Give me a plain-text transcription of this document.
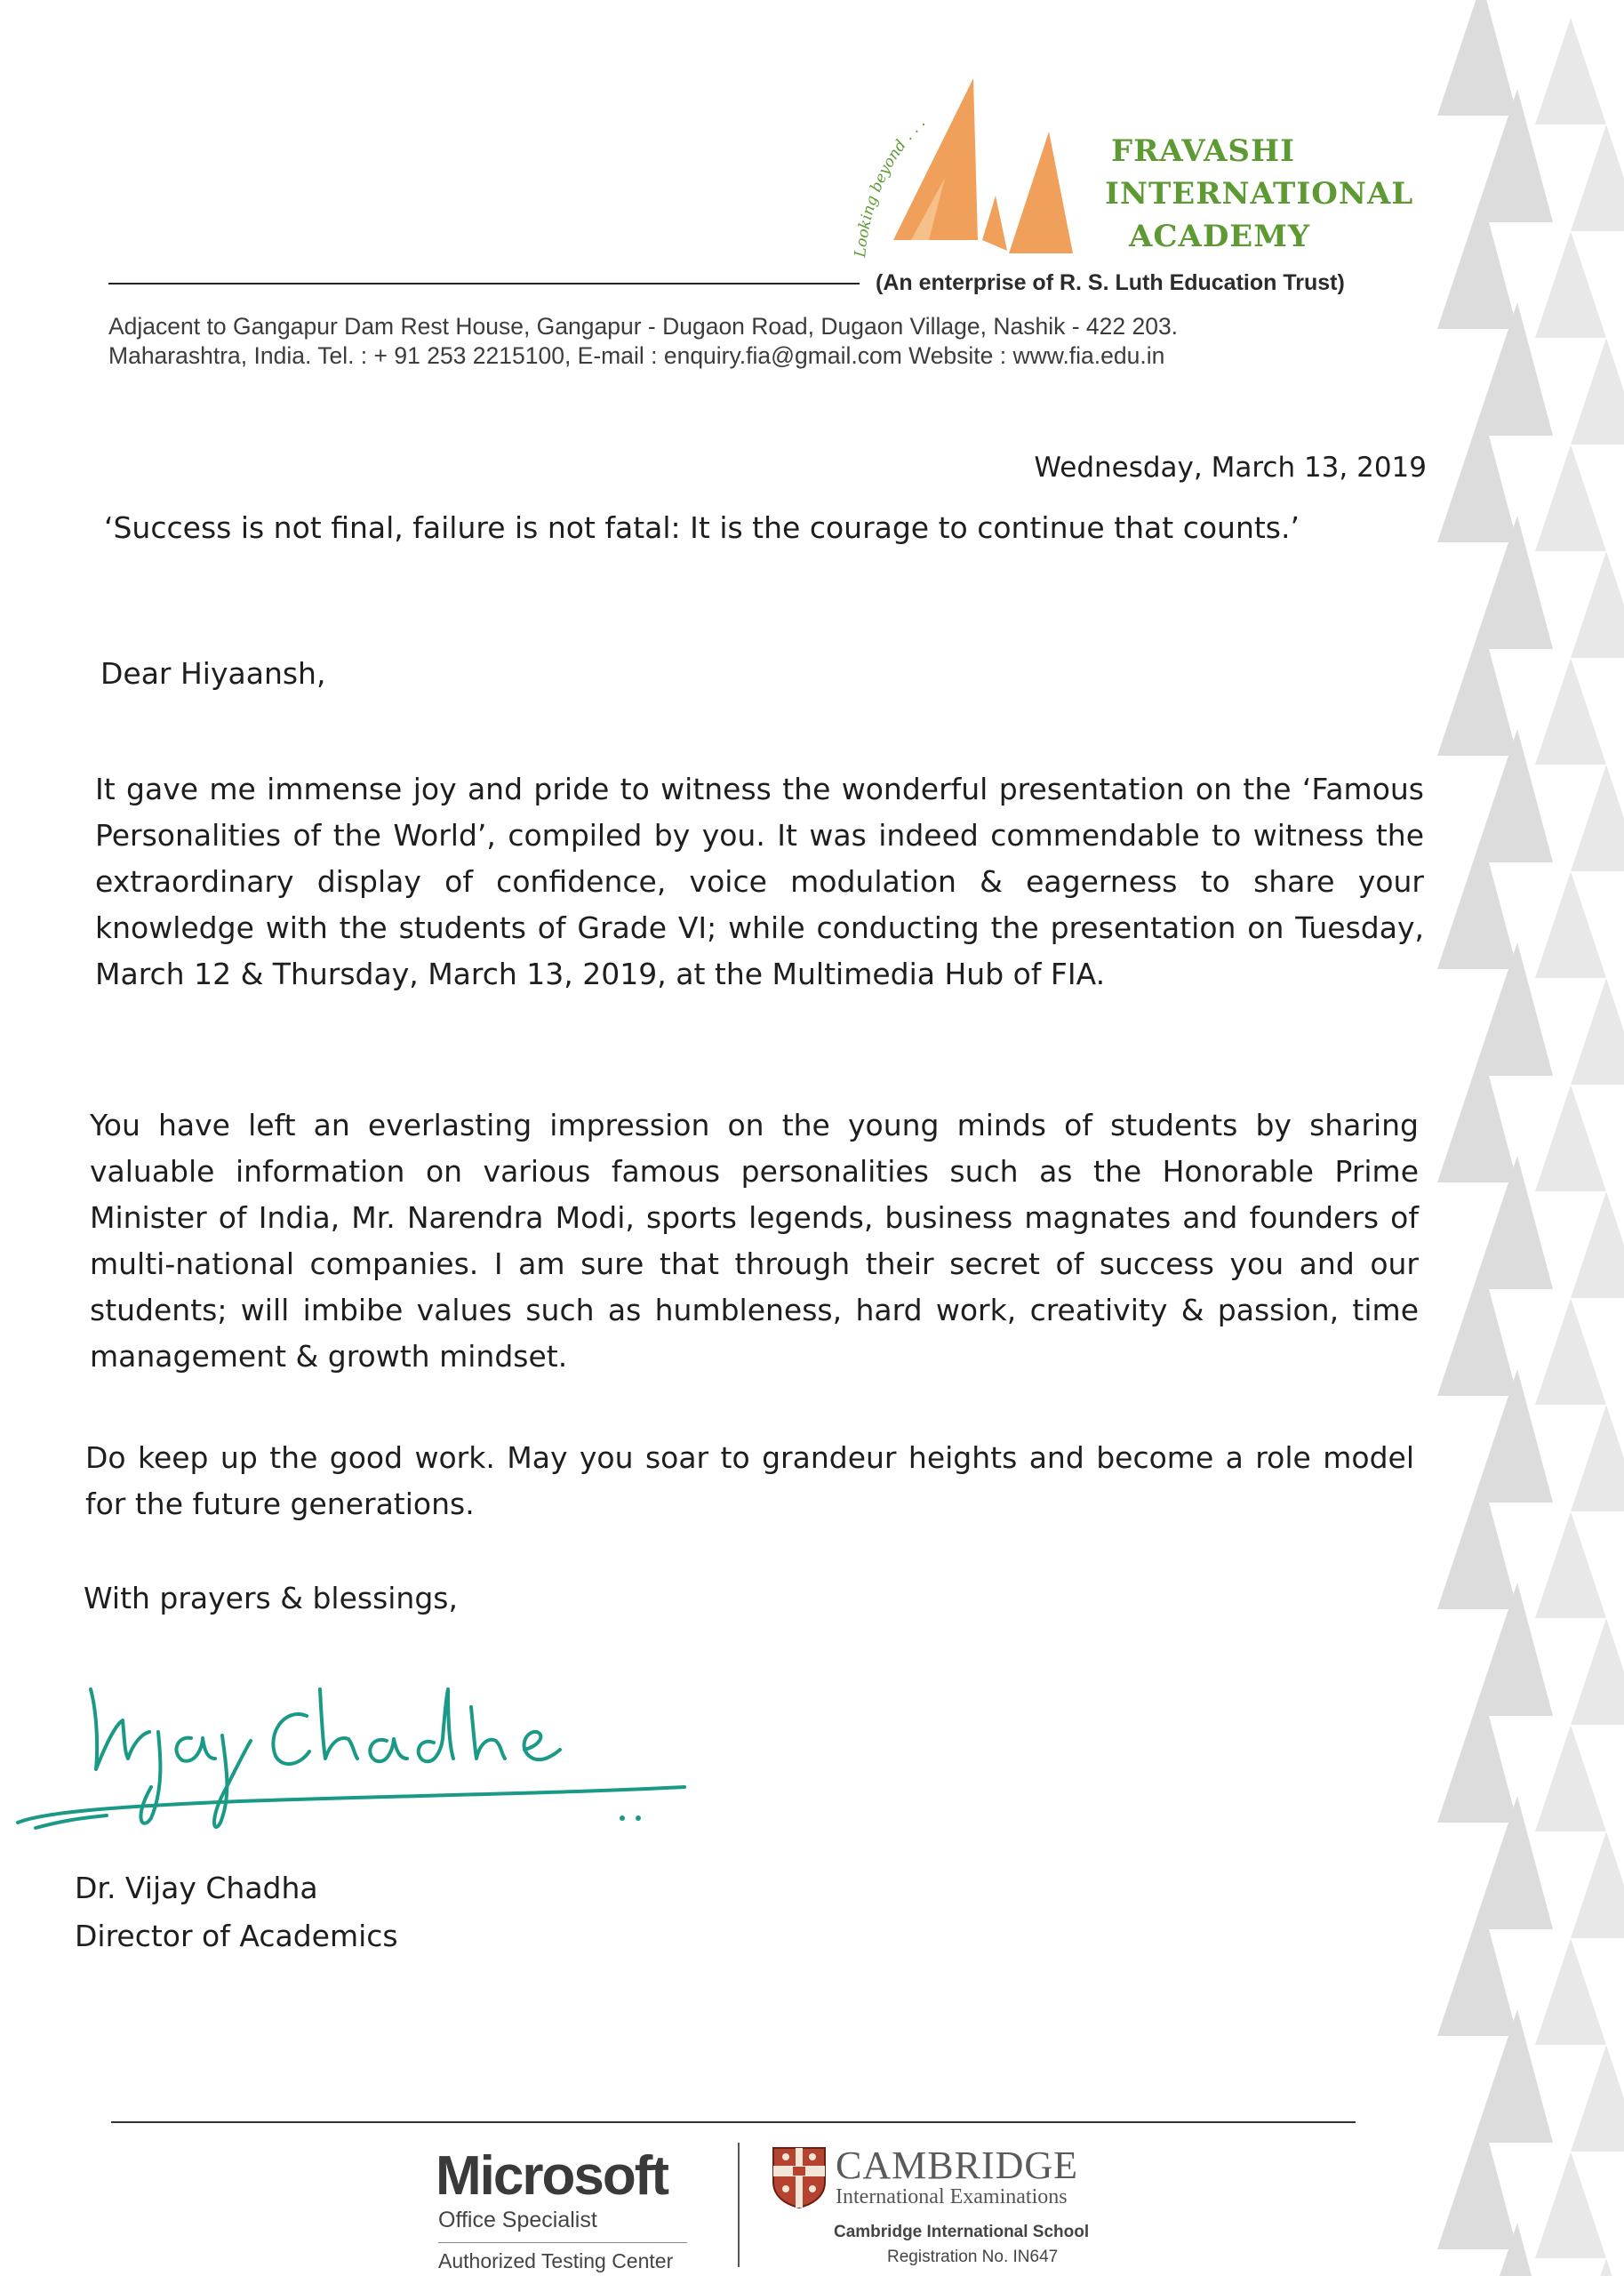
Looking beyond . . .
FRAVASHI
INTERNATIONAL
ACADEMY
(An enterprise of R. S. Luth Education Trust)
Adjacent to Gangapur Dam Rest House, Gangapur - Dugaon Road, Dugaon Village, Nashik - 422 203.
Maharashtra, India. Tel. : + 91 253 2215100, E-mail : enquiry.fia@gmail.com Website : www.fia.edu.in
Wednesday, March 13, 2019
‘Success is not final, failure is not fatal: It is the courage to continue that counts.’
Dear Hiyaansh,
It gave me immense joy and pride to witness the wonderful presentation on the ‘Famous Personalities of the World’, compiled by you. It was indeed commendable to witness the extraordinary display of confidence, voice modulation & eagerness to share your knowledge with the students of Grade VI; while conducting the presentation on Tuesday, March 12 & Thursday, March 13, 2019, at the Multimedia Hub of FIA.
You have left an everlasting impression on the young minds of students by sharing valuable information on various famous personalities such as the Honorable Prime Minister of India, Mr. Narendra Modi, sports legends, business magnates and founders of multi-national companies. I am sure that through their secret of success you and our students; will imbibe values such as humbleness, hard work, creativity & passion, time management & growth mindset.
Do keep up the good work. May you soar to grandeur heights and become a role model for the future generations.
With prayers & blessings,
Dr. Vijay Chadha
Director of Academics
Microsoft
Office Specialist
Authorized Testing Center
CAMBRIDGE
International Examinations
Cambridge International School
Registration No. IN647
